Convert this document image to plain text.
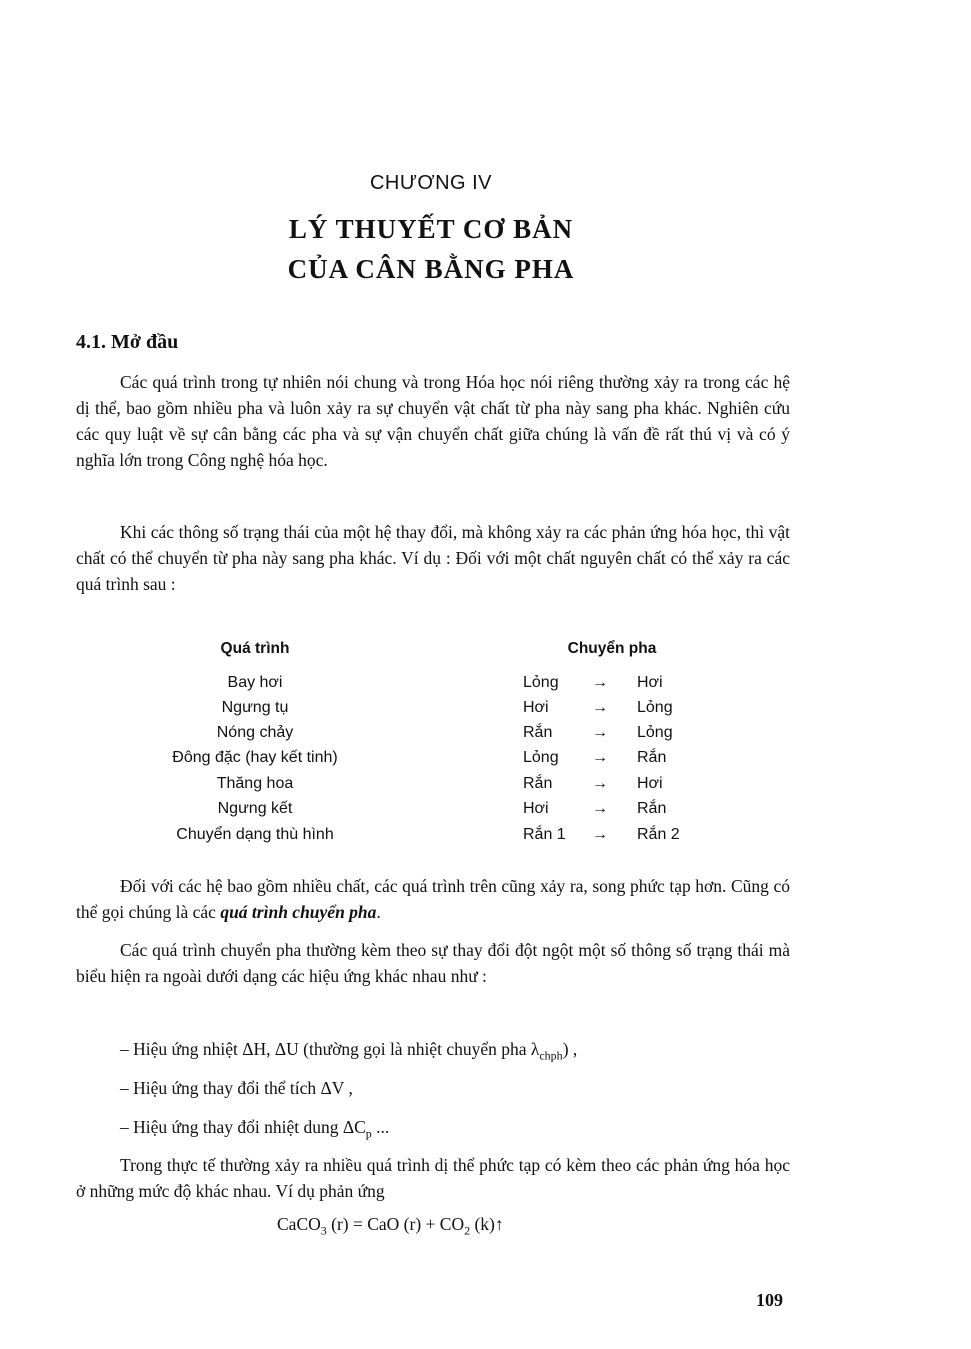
CHƯƠNG IV
LÝ THUYẾT CƠ BẢN
CỦA CÂN BẰNG PHA
4.1. Mở đầu

Các quá trình trong tự nhiên nói chung và trong Hóa học nói riêng thường xảy ra trong các hệ dị thể, bao gồm nhiều pha và luôn xảy ra sự chuyển vật chất từ pha này sang pha khác. Nghiên cứu các quy luật về sự cân bằng các pha và sự vận chuyển chất giữa chúng là vấn đề rất thú vị và có ý nghĩa lớn trong Công nghệ hóa học.

Khi các thông số trạng thái của một hệ thay đổi, mà không xảy ra các phản ứng hóa học, thì vật chất có thể chuyển từ pha này sang pha khác. Ví dụ : Đối với một chất nguyên chất có thể xảy ra các quá trình sau :

Quá trình	Chuyển pha
Bay hơi	Lỏng → Hơi
Ngưng tụ	Hơi	→ Lỏng
Nóng chảy	Rắn → Lỏng
Đông đặc (hay kết tinh)	Lỏng → Rắn
Thăng hoa	Rắn → Hơi
Ngưng kết	Hơi	→ Rắn
Chuyển dạng thù hình	Rắn 1 → Rắn 2

Đối với các hệ bao gồm nhiều chất, các quá trình trên cũng xảy ra, song phức tạp hơn. Cũng có thể gọi chúng là các quá trình chuyển pha.

Các quá trình chuyển pha thường kèm theo sự thay đổi đột ngột một số thông số trạng thái mà biểu hiện ra ngoài dưới dạng các hiệu ứng khác nhau như :

– Hiệu ứng nhiệt ΔH, ΔU (thường gọi là nhiệt chuyển pha $\lambda_{chph}$) ,
– Hiệu ứng thay đổi thể tích ΔV ,
– Hiệu ứng thay đổi nhiệt dung $\Delta C_p$ ...

Trong thực tế thường xảy ra nhiều quá trình dị thể phức tạp có kèm theo các phản ứng hóa học ở những mức độ khác nhau. Ví dụ phản ứng

CaCO$_3$ (r) = CaO $(r) + CO_2$ (k)↑
109
